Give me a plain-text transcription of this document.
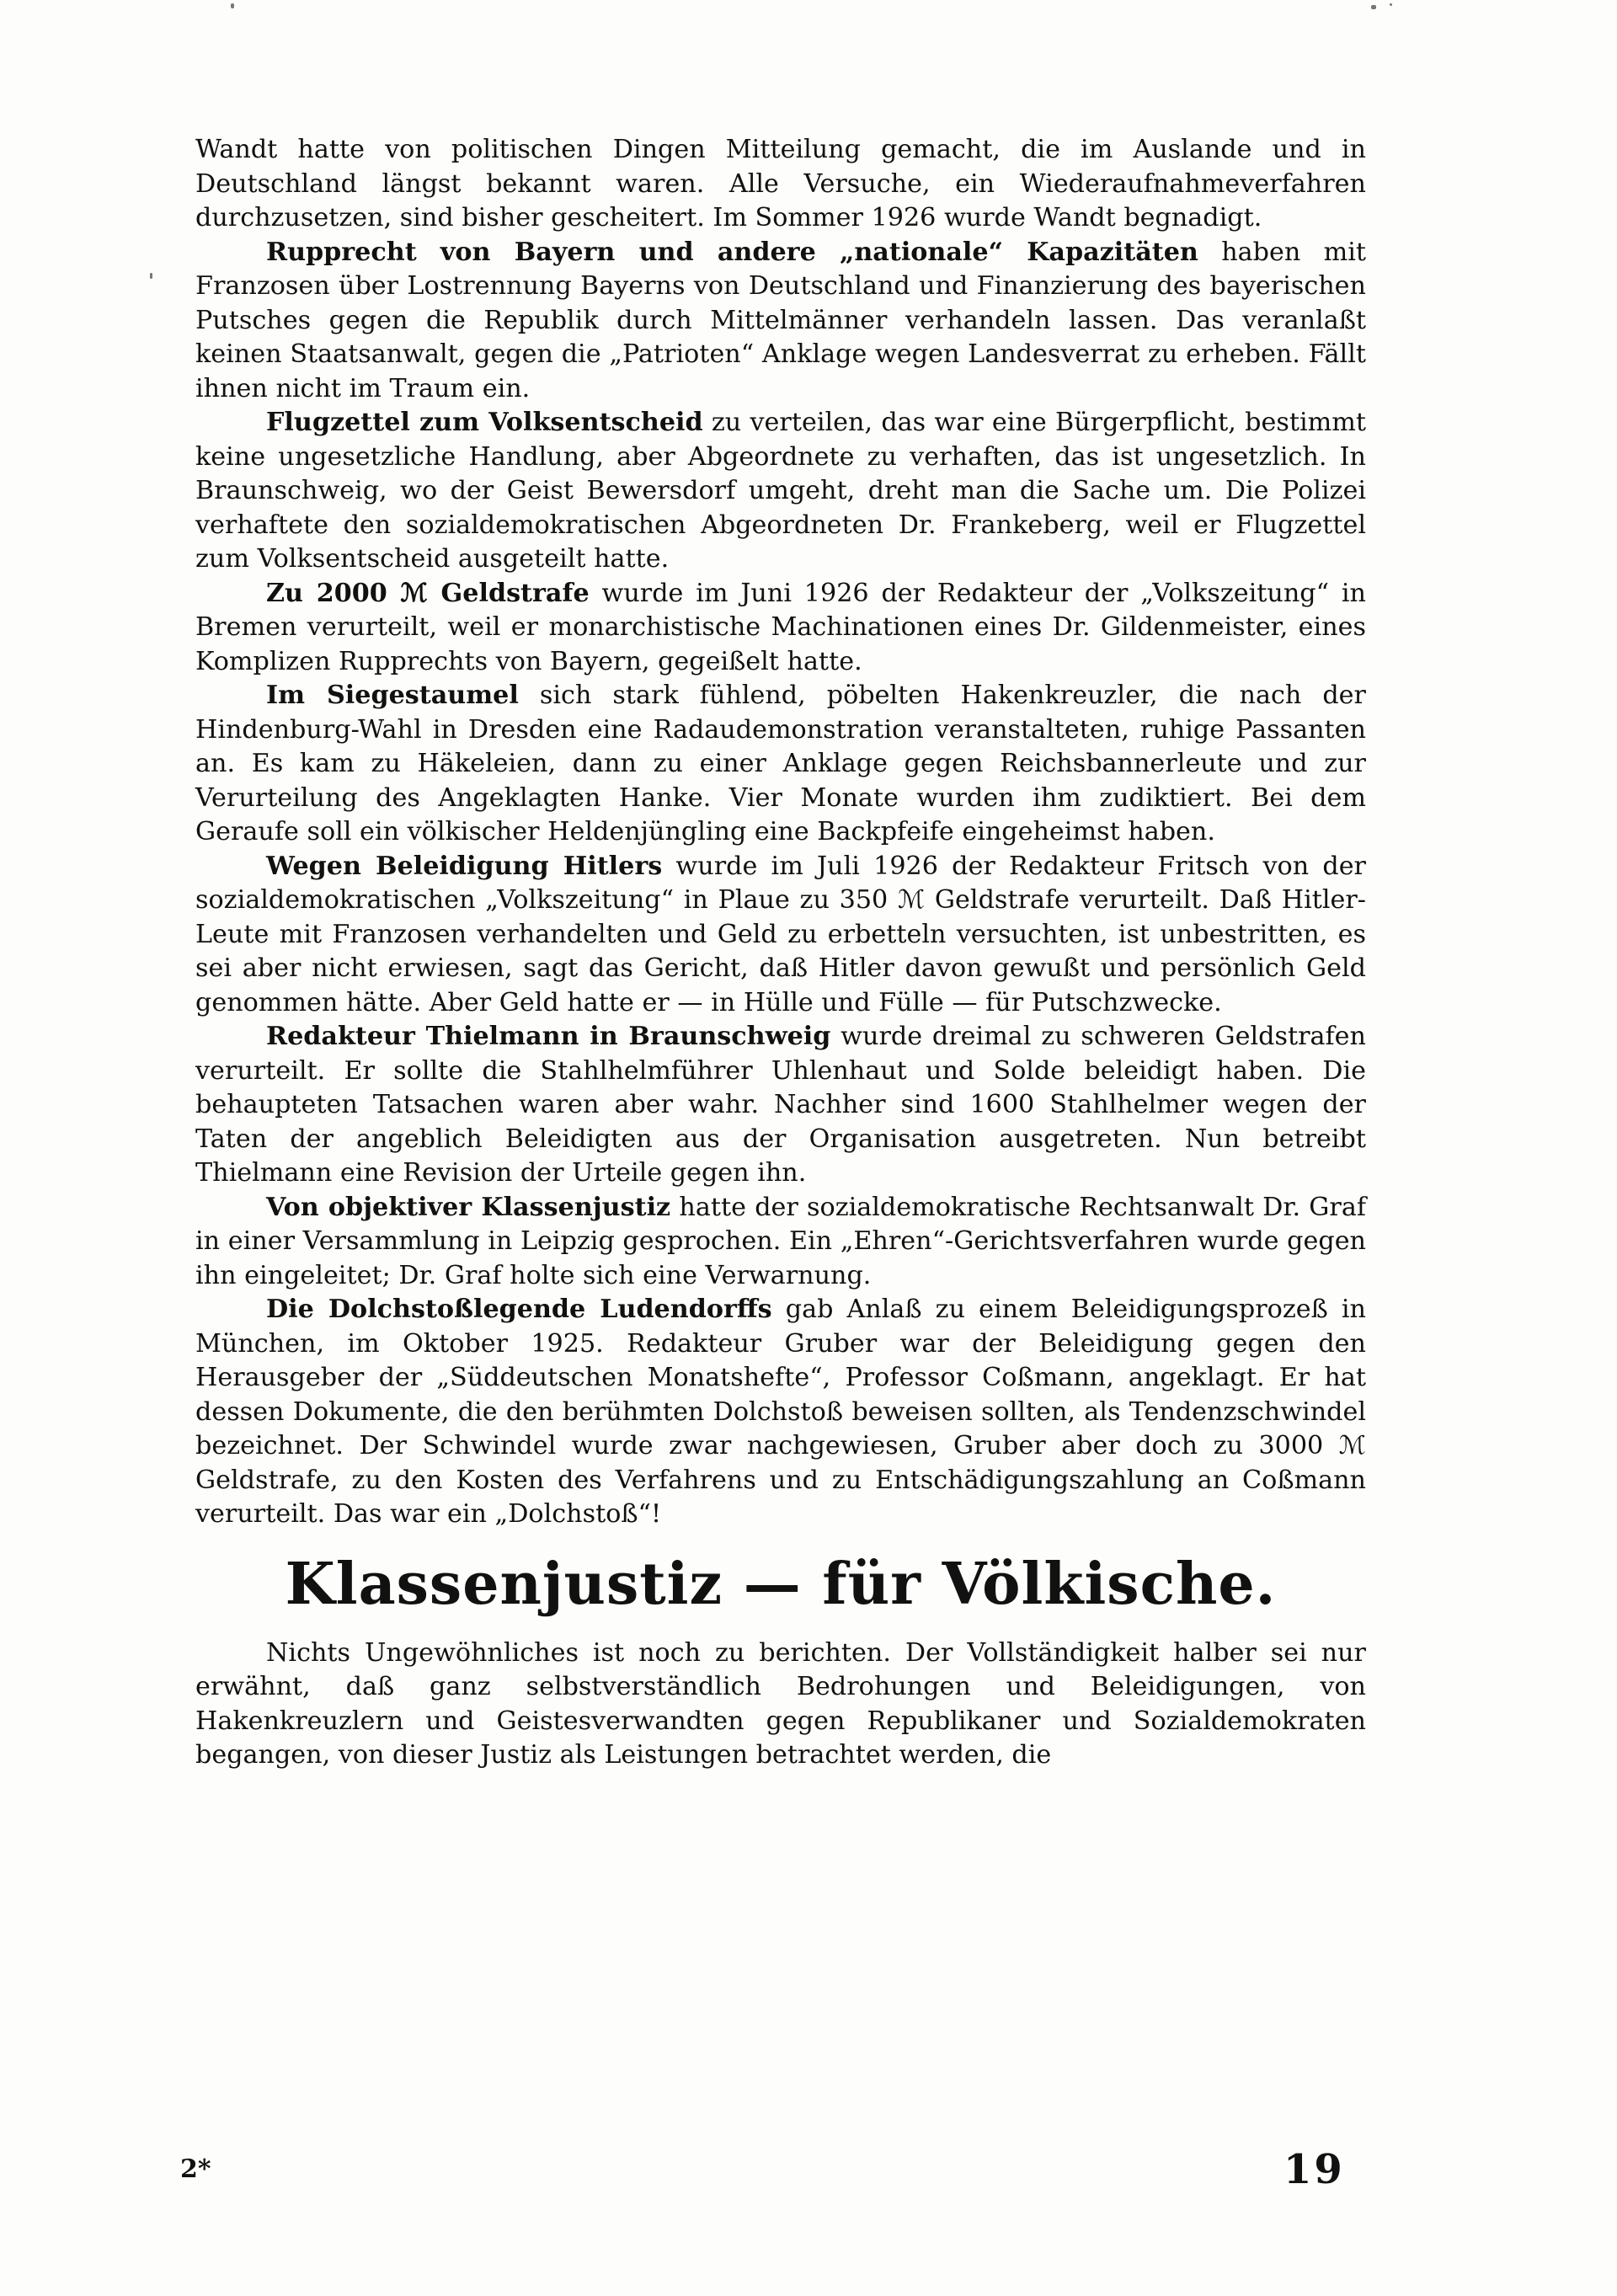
Wandt hatte von politischen Dingen Mitteilung gemacht, die im Auslande und in Deutschland längst bekannt waren. Alle Versuche, ein Wiederaufnahmeverfahren durchzusetzen, sind bisher gescheitert. Im Sommer 1926 wurde Wandt begnadigt.

Rupprecht von Bayern und andere „nationale“ Kapazitäten haben mit Franzosen über Lostrennung Bayerns von Deutschland und Finanzierung des bayerischen Putsches gegen die Republik durch Mittelmänner verhandeln lassen. Das veranlaßt keinen Staatsanwalt, gegen die „Patrioten“ Anklage wegen Landesverrat zu erheben. Fällt ihnen nicht im Traum ein.

Flugzettel zum Volksentscheid zu verteilen, das war eine Bürgerpflicht, bestimmt keine ungesetzliche Handlung, aber Abgeordnete zu verhaften, das ist ungesetzlich. In Braunschweig, wo der Geist Bewersdorf umgeht, dreht man die Sache um. Die Polizei verhaftete den sozialdemokratischen Abgeordneten Dr. Frankeberg, weil er Flugzettel zum Volksentscheid ausgeteilt hatte.

Zu 2000 ℳ Geldstrafe wurde im Juni 1926 der Redakteur der „Volkszeitung“ in Bremen verurteilt, weil er monarchistische Machinationen eines Dr. Gildenmeister, eines Komplizen Rupprechts von Bayern, gegeißelt hatte.

Im Siegestaumel sich stark fühlend, pöbelten Hakenkreuzler, die nach der Hindenburg-Wahl in Dresden eine Radaudemonstration veranstalteten, ruhige Passanten an. Es kam zu Häkeleien, dann zu einer Anklage gegen Reichsbannerleute und zur Verurteilung des Angeklagten Hanke. Vier Monate wurden ihm zudiktiert. Bei dem Geraufe soll ein völkischer Heldenjüngling eine Backpfeife eingeheimst haben.

Wegen Beleidigung Hitlers wurde im Juli 1926 der Redakteur Fritsch von der sozialdemokratischen „Volkszeitung“ in Plaue zu 350 ℳ Geldstrafe verurteilt. Daß Hitler-Leute mit Franzosen verhandelten und Geld zu erbetteln versuchten, ist unbestritten, es sei aber nicht erwiesen, sagt das Gericht, daß Hitler davon gewußt und persönlich Geld genommen hätte. Aber Geld hatte er — in Hülle und Fülle — für Putschzwecke.

Redakteur Thielmann in Braunschweig wurde dreimal zu schweren Geldstrafen verurteilt. Er sollte die Stahlhelmführer Uhlenhaut und Solde beleidigt haben. Die behaupteten Tatsachen waren aber wahr. Nachher sind 1600 Stahlhelmer wegen der Taten der angeblich Beleidigten aus der Organisation ausgetreten. Nun betreibt Thielmann eine Revision der Urteile gegen ihn.

Von objektiver Klassenjustiz hatte der sozialdemokratische Rechtsanwalt Dr. Graf in einer Versammlung in Leipzig gesprochen. Ein „Ehren“-Gerichtsverfahren wurde gegen ihn eingeleitet; Dr. Graf holte sich eine Verwarnung.

Die Dolchstoßlegende Ludendorffs gab Anlaß zu einem Beleidigungsprozeß in München, im Oktober 1925. Redakteur Gruber war der Beleidigung gegen den Herausgeber der „Süddeutschen Monatshefte“, Professor Coßmann, angeklagt. Er hat dessen Dokumente, die den berühmten Dolchstoß beweisen sollten, als Tendenzschwindel bezeichnet. Der Schwindel wurde zwar nachgewiesen, Gruber aber doch zu 3000 ℳ Geldstrafe, zu den Kosten des Verfahrens und zu Entschädigungszahlung an Coßmann verurteilt. Das war ein „Dolchstoß“!

Klassenjustiz — für Völkische.

Nichts Ungewöhnliches ist noch zu berichten. Der Vollständigkeit halber sei nur erwähnt, daß ganz selbstverständlich Bedrohungen und Beleidigungen, von Hakenkreuzlern und Geistesverwandten gegen Republikaner und Sozialdemokraten begangen, von dieser Justiz als Leistungen betrachtet werden, die

2*	19
